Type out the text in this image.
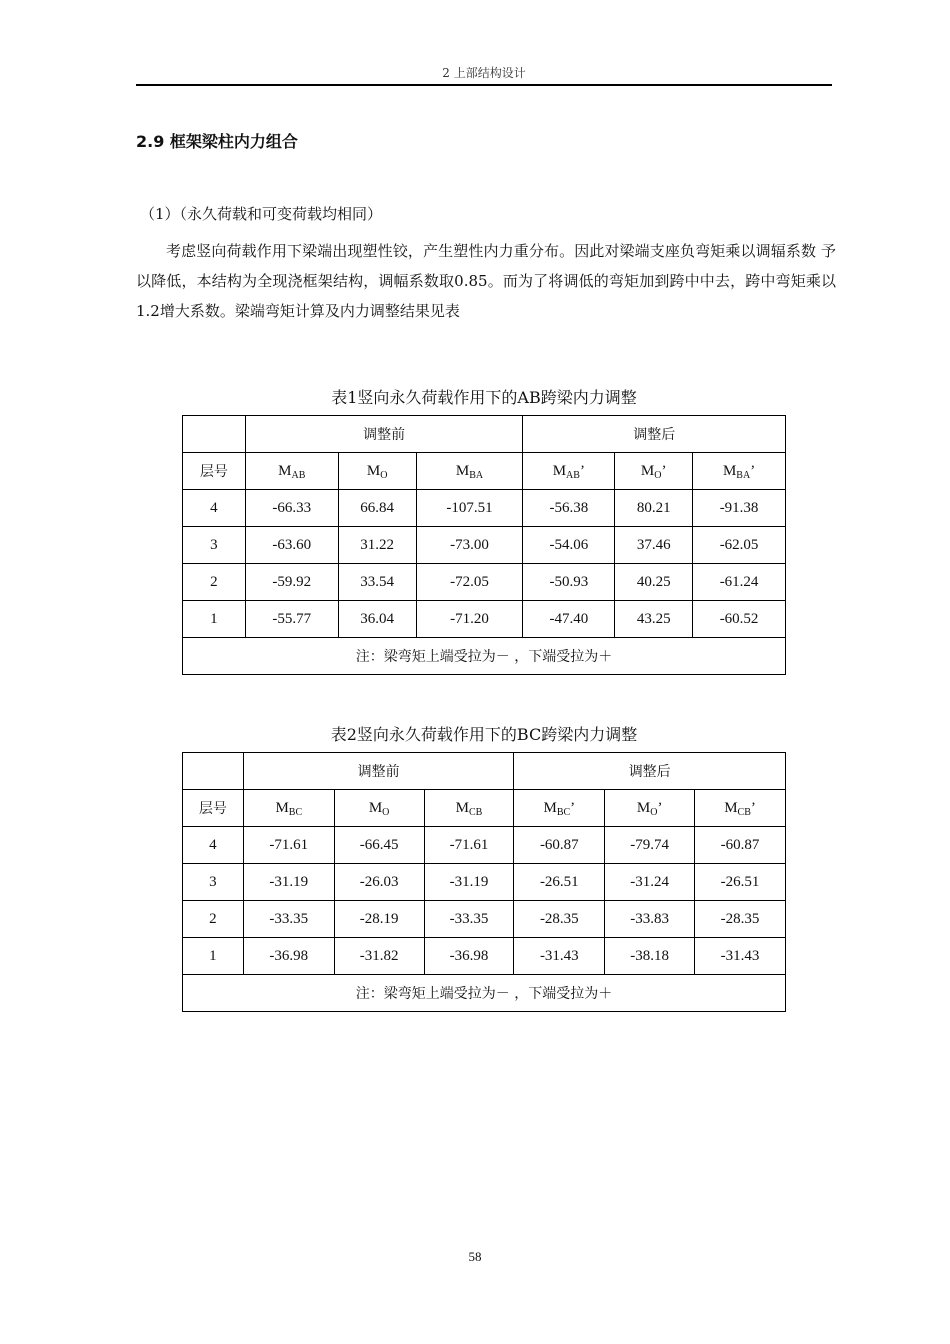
2 上部结构设计
2.9 框架梁柱内力组合
（1）（永久荷载和可变荷载均相同）

考虑竖向荷载作用下梁端出现塑性铰，产生塑性内力重分布。因此对梁端支座负弯矩乘以调辐系数 予以降低，本结构为全现浇框架结构，调幅系数取0.85。而为了将调低的弯矩加到跨中中去，跨中弯矩乘以1.2增大系数。梁端弯矩计算及内力调整结果见表

表1竖向永久荷载作用下的AB跨梁内力调整
	调整前			调整后		
层号	$M_{AB}$	$M_O$	$M_{BA}$	$M_{AB}$’	$M_O$’	$M_{BA}$’
4	-66.33	66.84	-107.51	-56.38	80.21	-91.38
3	-63.60	31.22	-73.00	-54.06	37.46	-62.05
2	-59.92	33.54	-72.05	-50.93	40.25	-61.24
1	-55.77	36.04	-71.20	-47.40	43.25	-60.52
注：梁弯矩上端受拉为－ ，下端受拉为＋						
表2竖向永久荷载作用下的BC跨梁内力调整
	调整前			调整后		
层号	$M_{BC}$	$M_O$	$M_{CB}$	$M_{BC}$’	$M_O$’	$M_{CB}$’
4	-71.61	-66.45	-71.61	-60.87	-79.74	-60.87
3	-31.19	-26.03	-31.19	-26.51	-31.24	-26.51
2	-33.35	-28.19	-33.35	-28.35	-33.83	-28.35
1	-36.98	-31.82	-36.98	-31.43	-38.18	-31.43
注：梁弯矩上端受拉为－ ，下端受拉为＋						
58
